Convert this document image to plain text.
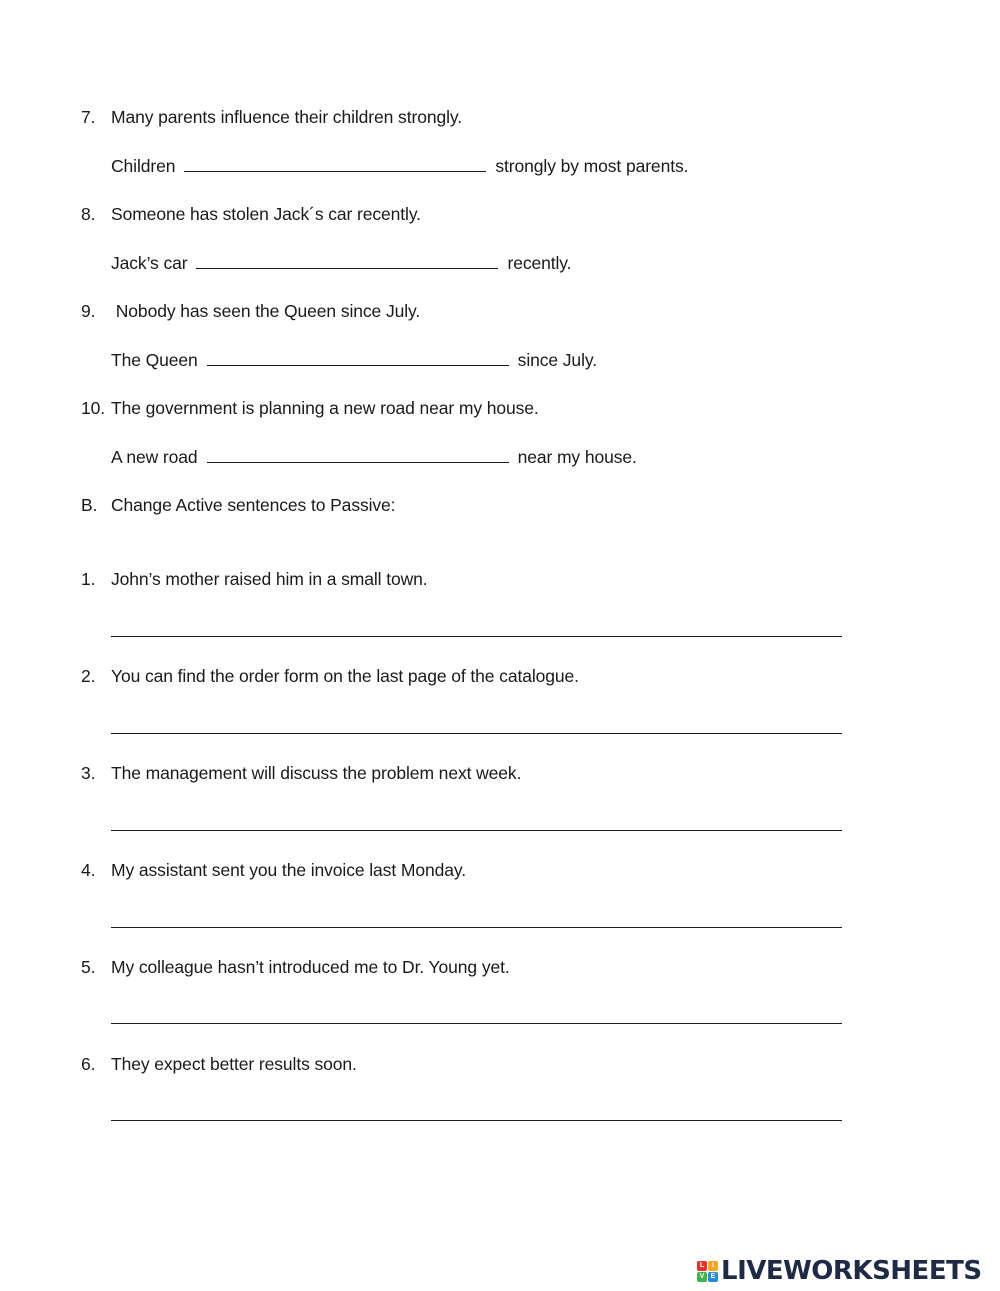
7. Many parents influence their children strongly.
Children	strongly by most parents.
8. Someone has stolen Jack´s car recently.
Jack’s car	recently.
9. Nobody has seen the Queen since July.
The Queen	since July.
10. The government is planning a new road near my house.
A new road	near my house.
B. Change Active sentences to Passive:
1. John’s mother raised him in a small town.
2. You can find the order form on the last page of the catalogue.
3. The management will discuss the problem next week.
4. My assistant sent you the invoice last Monday.
5. My colleague hasn’t introduced me to Dr. Young yet.
6. They expect better results soon.
L	I
V E LIVEWORKSHEETS
